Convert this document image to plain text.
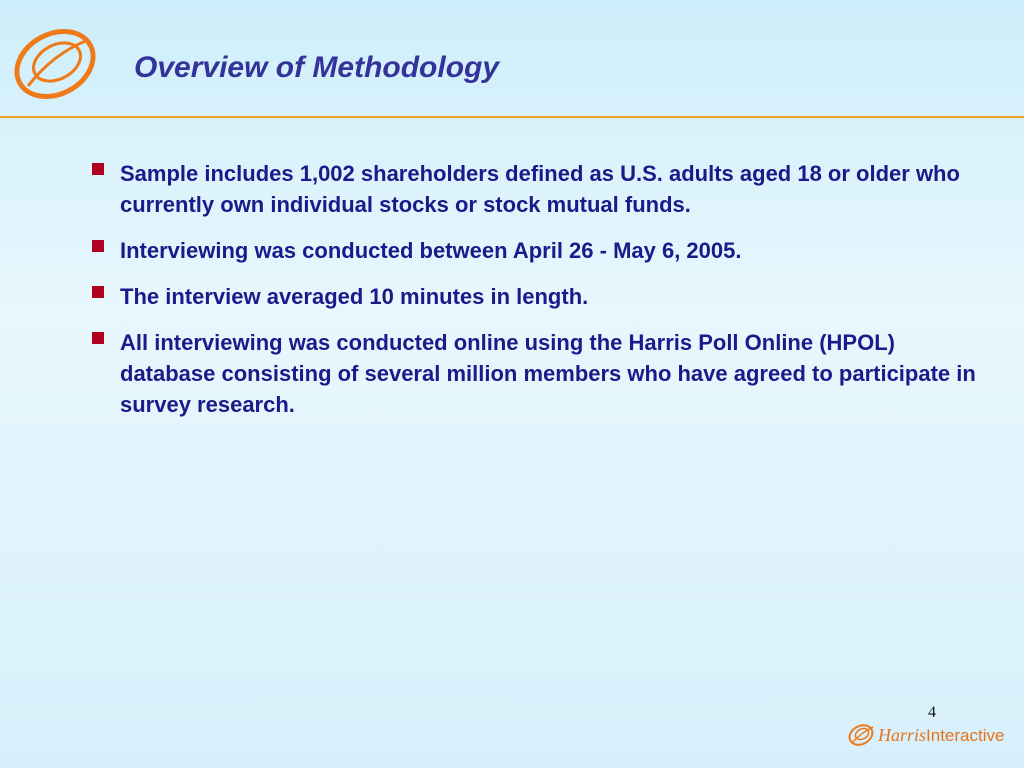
Overview of Methodology
Sample includes 1,002 shareholders defined as U.S. adults aged 18 or older who currently own individual stocks or stock mutual funds.
Interviewing was conducted between April 26 - May 6, 2005.
The interview averaged 10 minutes in length.
All interviewing was conducted online using the Harris Poll Online (HPOL) database consisting of several million members who have agreed to participate in survey research.
4
HarrisInteractive
